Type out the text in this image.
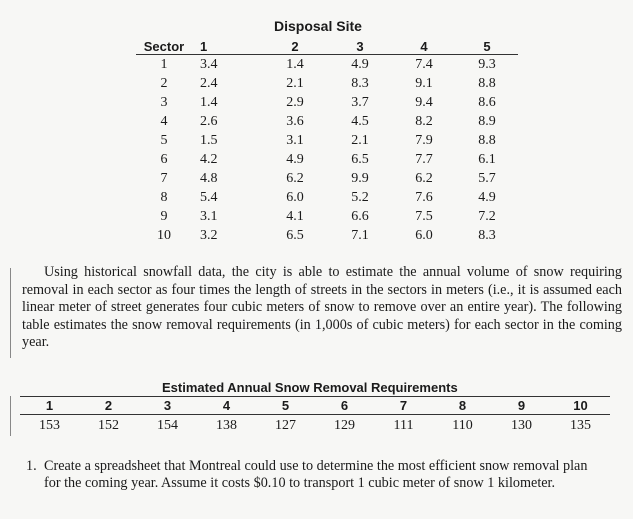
Disposal Site
Sector	1	2	3	4	5
1	3.4	1.4	4.9	7.4	9.3
2	2.4	2.1	8.3	9.1	8.8
3	1.4	2.9	3.7	9.4	8.6
4	2.6	3.6	4.5	8.2	8.9
5	1.5	3.1	2.1	7.9	8.8
6	4.2	4.9	6.5	7.7	6.1
7	4.8	6.2	9.9	6.2	5.7
8	5.4	6.0	5.2	7.6	4.9
9	3.1	4.1	6.6	7.5	7.2
10	3.2	6.5	7.1	6.0	8.3

Using historical snowfall data, the city is able to estimate the annual volume of snow requiring removal in each sector as four times the length of streets in the sectors in meters (i.e., it is assumed each linear meter of street generates four cubic meters of snow to remove over an entire year). The following table estimates the snow removal requirements (in 1,000s of cubic meters) for each sector in the coming year.

Estimated Annual Snow Removal Requirements
1	2	3	4	5	6	7	8	9	10
153	152	154	138	127	129	111	110	130	135
1. Create a spreadsheet that Montreal could use to determine the most efficient snow removal plan for the coming year. Assume it costs $0.10 to transport 1 cubic meter of snow 1 kilometer.
